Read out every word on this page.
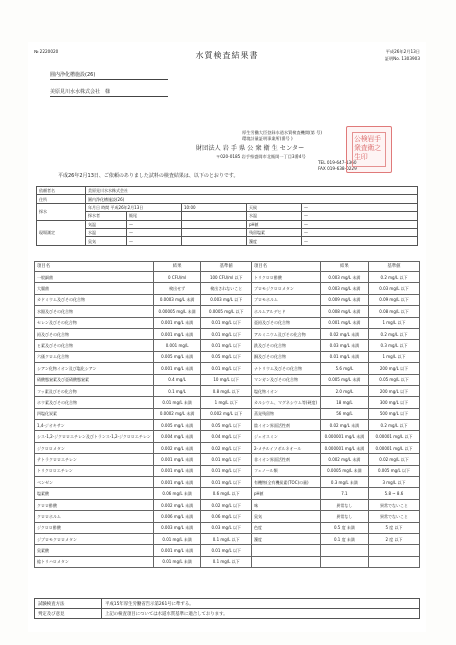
№ 2220020	水質検査結果書	平成26年2月13日
証明No. 1303903
圓内浄化槽施設(26)
美原見川水水株式会社　様
厚生労働大臣登録水道水質検査機関(第 号)
環境計量証明事業所(番号 )
財団法人 岩 手 県 公 衆 衛 生 センター
〒020-0185 岩手県盛岡市北飯岡一丁目3番4号
TEL 019-647-1360
FAX 019-638-0229
公検岩手衆査衛之生印
平成26年2月13日、ご依頼のありました試料の検査結果は、以下のとおりです。
依頼者名	美原見川水水株式会社				
住所	圓内浄化槽施設(26)				
採水	年月日 時間 平成26年2月13日		10:00	天候	—
	採水者	飯尾		水温	—
現場測定	気温	—		pH値	—
	水温	—		残留塩素	—
	臭気	—		濁度	—
項目名	結果	基準値	項目名	結果	基準値
一般細菌	0 CFU/ml	100 CFU/ml 以下	トリクロロ酢酸	0.003 mg/L 未満	0.2 mg/L 以下
大腸菌	検出せず	検出されないこと	ブロモジクロロメタン	0.003 mg/L 未満	0.03 mg/L 以下
カドミウム及びその化合物	0.0003 mg/L 未満	0.003 mg/L 以下	ブロモホルム	0.009 mg/L 未満	0.09 mg/L 以下
水銀及びその化合物	0.00005 mg/L 未満	0.0005 mg/L 以下	ホルムアルデヒド	0.008 mg/L 未満	0.08 mg/L 以下
セレン及びその化合物	0.001 mg/L 未満	0.01 mg/L 以下	亜鉛及びその化合物	0.001 mg/L 未満	1 mg/L 以下
鉛及びその化合物	0.001 mg/L 未満	0.01 mg/L 以下	アルミニウム及びその化合物	0.02 mg/L 未満	0.2 mg/L 以下
ヒ素及びその化合物	0.001 mg/L	0.01 mg/L 以下	鉄及びその化合物	0.03 mg/L 未満	0.3 mg/L 以下
六価クロム化合物	0.005 mg/L 未満	0.05 mg/L 以下	銅及びその化合物	0.01 mg/L 未満	1 mg/L 以下
シアン化物イオン及び塩化シアン	0.001 mg/L 未満	0.01 mg/L 以下	ナトリウム及びその化合物	5.6 mg/L	200 mg/L 以下
硝酸態窒素及び亜硝酸態窒素	0.4 mg/L	10 mg/L 以下	マンガン及びその化合物	0.005 mg/L 未満	0.05 mg/L 以下
フッ素及びその化合物	0.1 mg/L	0.8 mg/L 以下	塩化物イオン	2.0 mg/L	200 mg/L 以下
ホウ素及びその化合物	0.01 mg/L 未満	1 mg/L 以下	カルシウム、マグネシウム等(硬度)	18 mg/L	300 mg/L 以下
四塩化炭素	0.0002 mg/L 未満	0.002 mg/L 以下	蒸発残留物	56 mg/L	500 mg/L 以下
1,4-ジオキサン	0.005 mg/L 未満	0.05 mg/L 以下	陰イオン界面活性剤	0.02 mg/L 未満	0.2 mg/L 以下
シス-1,2-ジクロロエチレン及びトランス-1,2-ジクロロエチレン	0.004 mg/L 未満	0.04 mg/L 以下	ジェオスミン	0.000001 mg/L 未満	0.00001 mg/L 以下
ジクロロメタン	0.002 mg/L 未満	0.02 mg/L 以下	2-メチルイソボルネオール	0.000001 mg/L 未満	0.00001 mg/L 以下
テトラクロロエチレン	0.001 mg/L 未満	0.01 mg/L 以下	非イオン界面活性剤	0.002 mg/L 未満	0.02 mg/L 以下
トリクロロエチレン	0.001 mg/L 未満	0.01 mg/L 以下	フェノール類	0.0005 mg/L 未満	0.005 mg/L 以下
ベンゼン	0.001 mg/L 未満	0.01 mg/L 以下	有機物(全有機炭素(TOC)の量)	0.3 mg/L 未満	3 mg/L 以下
塩素酸	0.06 mg/L 未満	0.6 mg/L 以下	pH値	7.1	5.8 ~ 8.6
クロロ酢酸	0.002 mg/L 未満	0.02 mg/L 以下	味	異常なし	異常でないこと
クロロホルム	0.006 mg/L 未満	0.06 mg/L 以下	臭気	異常なし	異常でないこと
ジクロロ酢酸	0.003 mg/L 未満	0.03 mg/L 以下	色度	0.5 度 未満	5 度 以下
ジブロモクロロメタン	0.01 mg/L 未満	0.1 mg/L 以下	濁度	0.1 度 未満	2 度 以下
臭素酸	0.001 mg/L 未満	0.01 mg/L 以下			
総トリハロメタン	0.01 mg/L 未満	0.1 mg/L 以下			
試験検査方法	平成15年厚生労働省告示第261号に準ずる。
判定及び意見	上記の検査項目については水道水質基準に適合しております。
